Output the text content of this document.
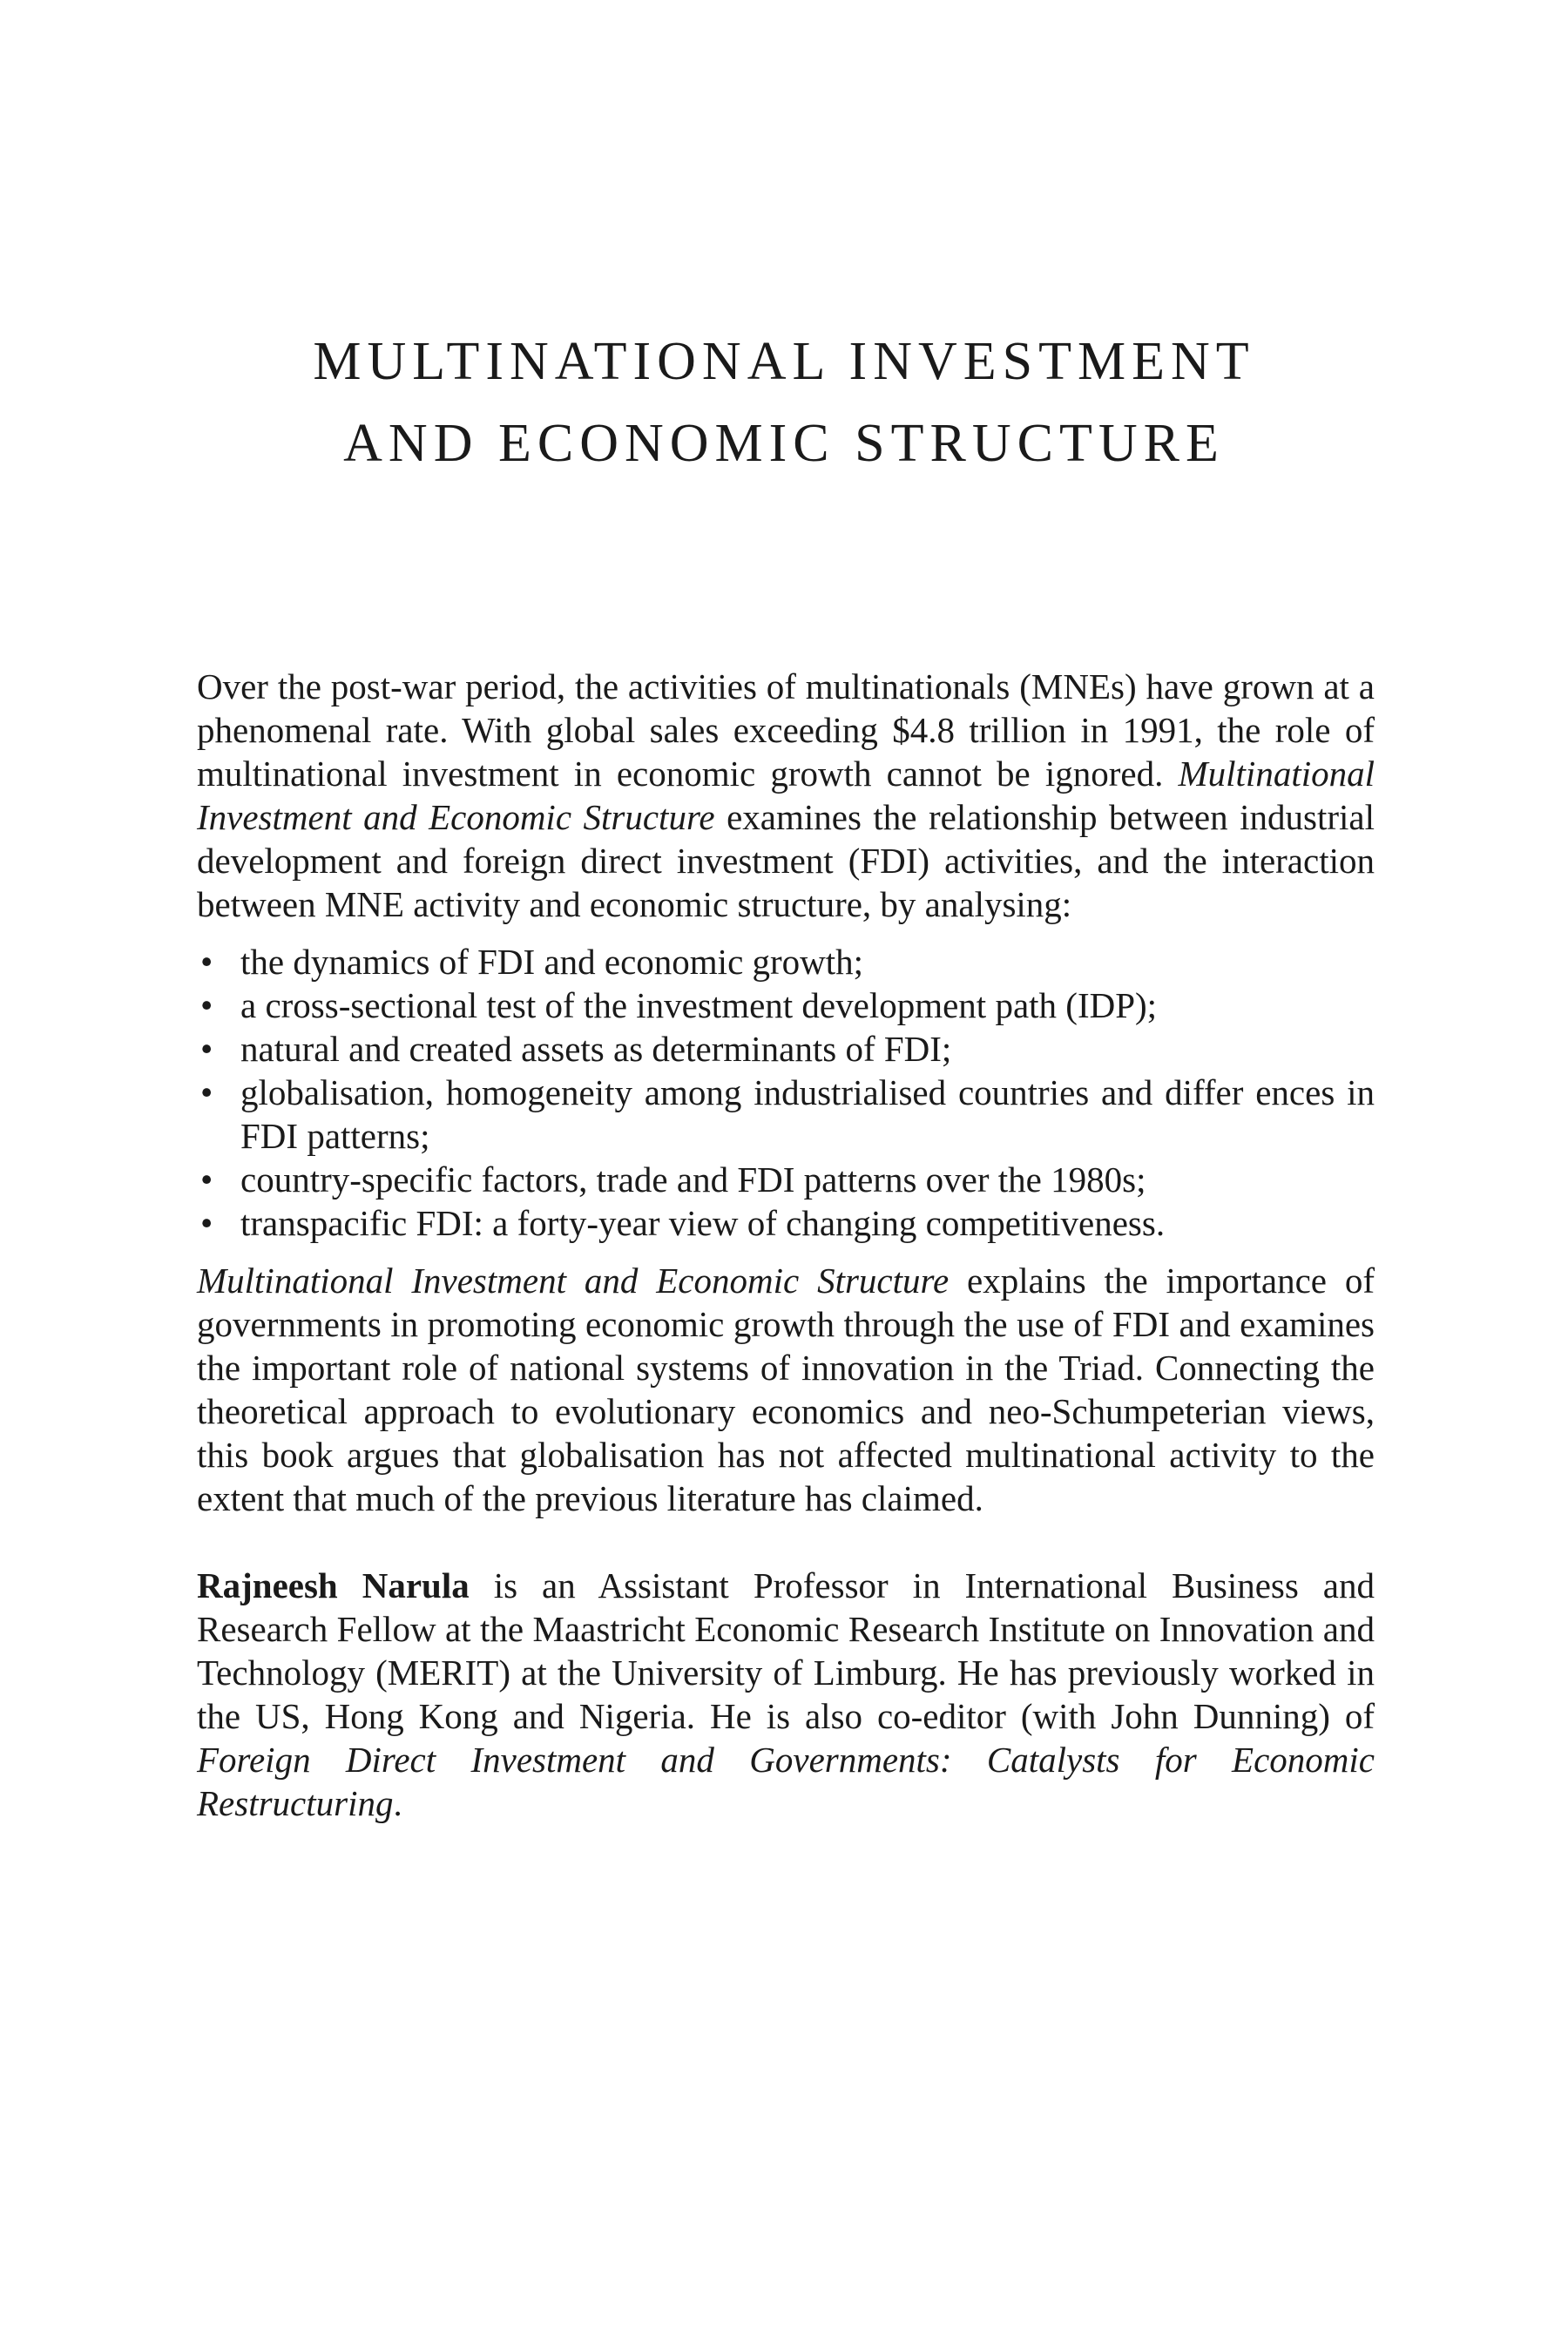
MULTINATIONAL INVESTMENT
AND ECONOMIC STRUCTURE

Over the post-war period, the activities of multinationals (MNEs) have grown at a phenomenal rate. With global sales exceeding $4.8 trillion in 1991, the role of multinational investment in economic growth cannot be ignored. Multinational Investment and Economic Structure examines the relationship between industrial development and foreign direct investment (FDI) activities, and the interaction between MNE activity and economic structure, by analysing:

• the dynamics of FDI and economic growth;
• a cross-sectional test of the investment development path (IDP);
• natural and created assets as determinants of FDI;
• globalisation, homogeneity among industrialised countries and differ ences in FDI patterns;
• country-specific factors, trade and FDI patterns over the 1980s;
• transpacific FDI: a forty-year view of changing competitiveness.

Multinational Investment and Economic Structure explains the importance of governments in promoting economic growth through the use of FDI and examines the important role of national systems of innovation in the Triad. Connecting the theoretical approach to evolutionary economics and neo-Schumpeterian views, this book argues that globalisation has not affected multinational activity to the extent that much of the previous literature has claimed.

Rajneesh Narula is an Assistant Professor in International Business and Research Fellow at the Maastricht Economic Research Institute on Innovation and Technology (MERIT) at the University of Limburg. He has previously worked in the US, Hong Kong and Nigeria. He is also co-editor (with John Dunning) of Foreign Direct Investment and Governments: Catalysts for Economic Restructuring.
